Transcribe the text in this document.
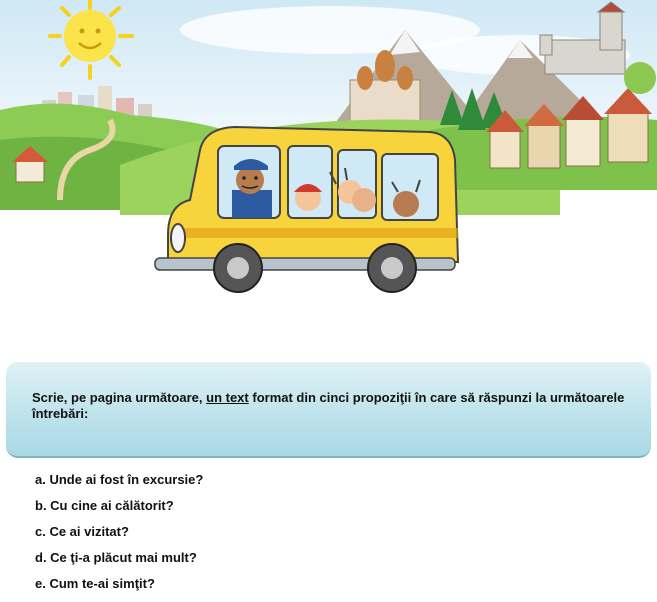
Scrie, pe pagina următoare, un text format din cinci propoziţii în care să răspunzi la următoarele întrebări:

a. Unde ai fost în excursie?
b. Cu cine ai călătorit?
c. Ce ai vizitat?
d. Ce ţi-a plăcut mai mult?
e. Cum te-ai simţit?
